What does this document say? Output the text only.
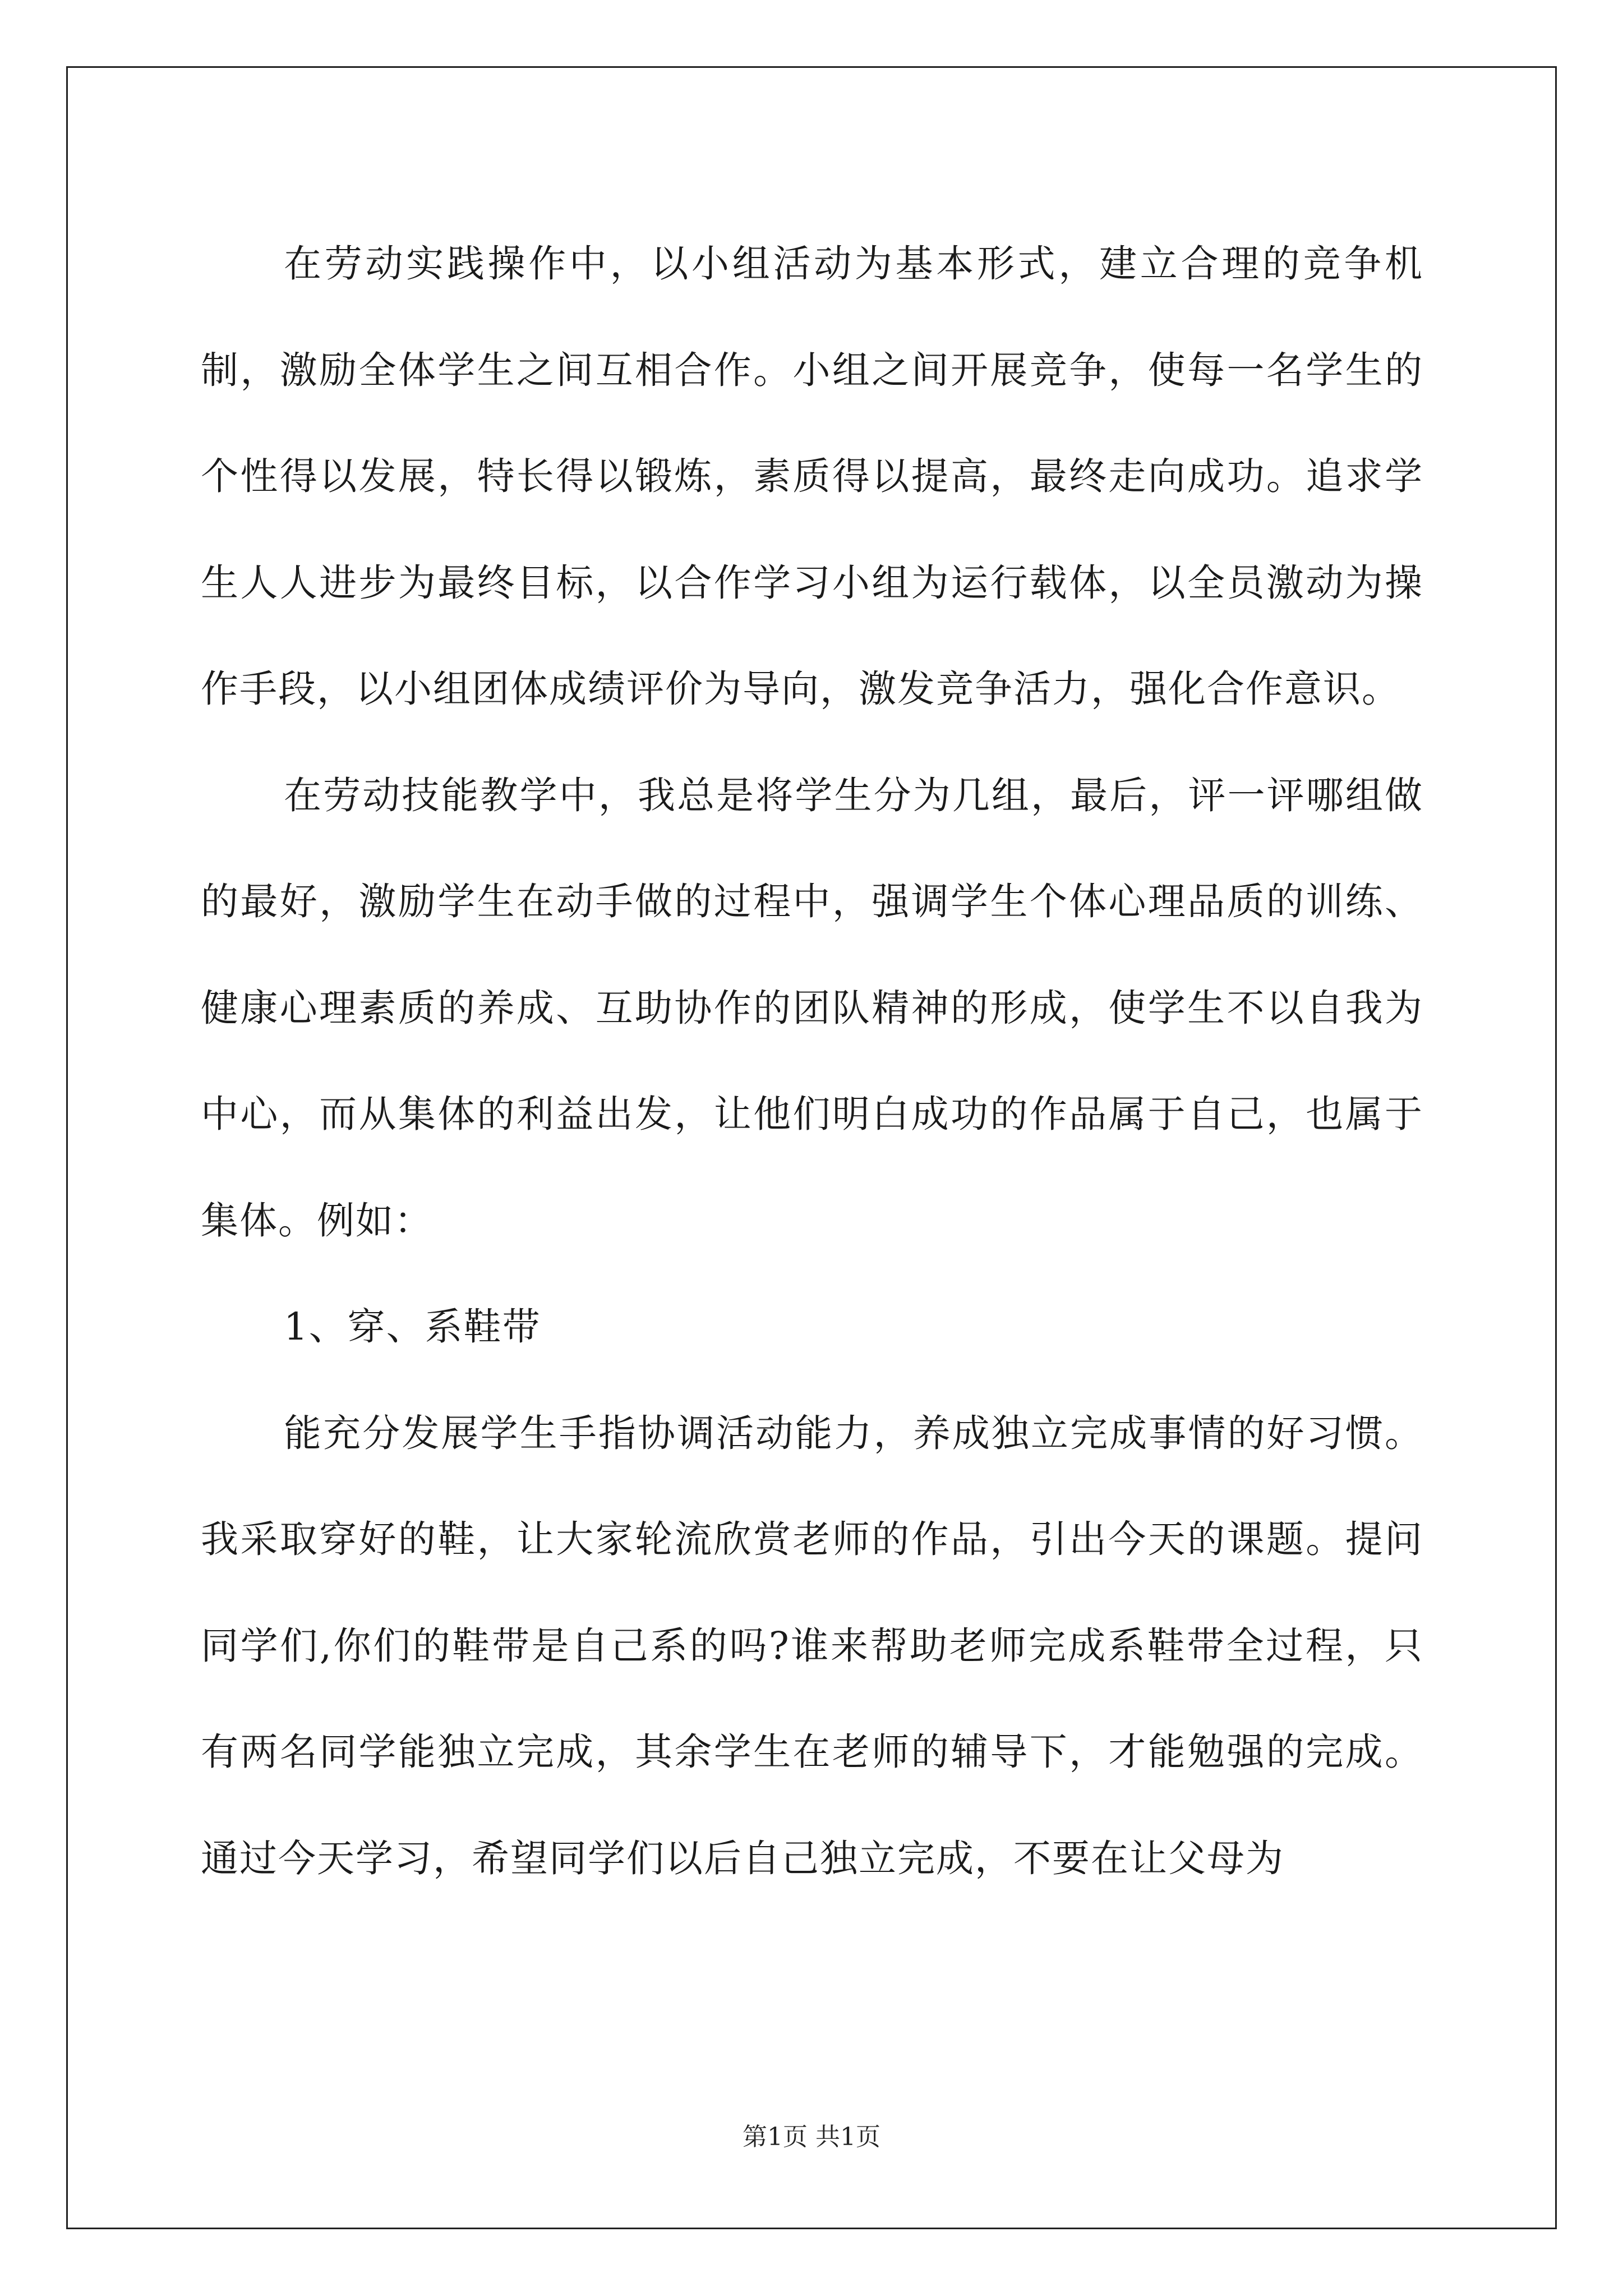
在劳动实践操作中，以小组活动为基本形式，建立合理的竞争机制，激励全体学生之间互相合作。小组之间开展竞争，使每一名学生的个性得以发展，特长得以锻炼，素质得以提高，最终走向成功。追求学生人人进步为最终目标，以合作学习小组为运行载体，以全员激动为操作手段，以小组团体成绩评价为导向，激发竞争活力，强化合作意识。

在劳动技能教学中，我总是将学生分为几组，最后，评一评哪组做的最好，激励学生在动手做的过程中，强调学生个体心理品质的训练、健康心理素质的养成、互助协作的团队精神的形成，使学生不以自我为中心，而从集体的利益出发，让他们明白成功的作品属于自己，也属于集体。例如：

1、穿、系鞋带

能充分发展学生手指协调活动能力，养成独立完成事情的好习惯。我采取穿好的鞋，让大家轮流欣赏老师的作品，引出今天的课题。提问同学们,你们的鞋带是自己系的吗?谁来帮助老师完成系鞋带全过程，只有两名同学能独立完成，其余学生在老师的辅导下，才能勉强的完成。通过今天学习，希望同学们以后自己独立完成，不要在让父母为

第1页 共1页
